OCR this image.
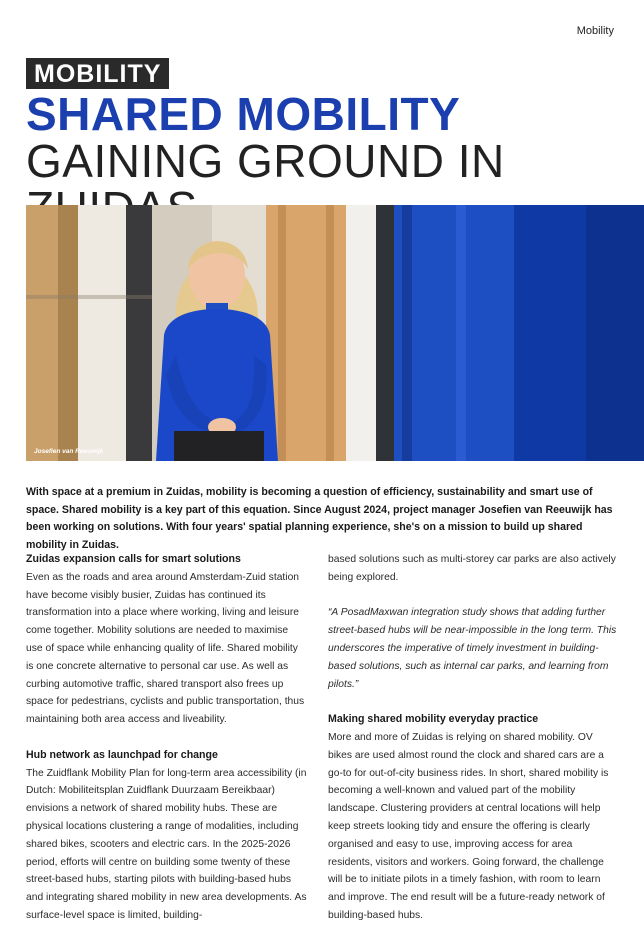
Mobility
MOBILITY
SHARED MOBILITY GAINING GROUND IN
Josefien van Reeuwijk

With space at a premium in Zuidas, mobility is becoming a question of efficiency, sustainability and smart use of space. Shared mobility is a key part of this equation. Since August 2024, project manager Josefien van Reeuwijk has been working on solutions. With four years' spatial planning experience, she's on a mission to build up shared mobility in Zuidas.

Zuidas expansion calls for smart solutions

Even as the roads and area around Amsterdam-Zuid station have become visibly busier, Zuidas has continued its transformation into a place where working, living and leisure come together. Mobility solutions are needed to maximise use of space while enhancing quality of life. Shared mobility is one concrete alternative to personal car use. As well as curbing automotive traffic, shared transport also frees up space for pedestrians, cyclists and public transportation, thus maintaining both area access and liveability.

Hub network as launchpad for change

The Zuidflank Mobility Plan for long-term area accessibility (in Dutch: Mobiliteitsplan Zuidflank Duurzaam Bereikbaar) envisions a network of shared mobility hubs. These are physical locations clustering a range of modalities, including shared bikes, scooters and electric cars. In the 2025-2026 period, efforts will centre on building some twenty of these street-based hubs, starting pilots with building-based hubs and integrating shared mobility in new area developments. As surface-level space is limited, building-

based solutions such as multi-storey car parks are also actively being explored.

“A PosadMaxwan integration study shows that adding further street-based hubs will be near-impossible in the long term. This underscores the imperative of timely investment in building-based solutions, such as internal car parks, and learning from pilots.”

Making shared mobility everyday practice

More and more of Zuidas is relying on shared mobility. OV bikes are used almost round the clock and shared cars are a go-to for out-of-city business rides. In short, shared mobility is becoming a well-known and valued part of the mobility landscape. Clustering providers at central locations will help keep streets looking tidy and ensure the offering is clearly organised and easy to use, improving access for area residents, visitors and workers. Going forward, the challenge will be to initiate pilots in a timely fashion, with room to learn and improve. The end result will be a future-ready network of building-based hubs.
